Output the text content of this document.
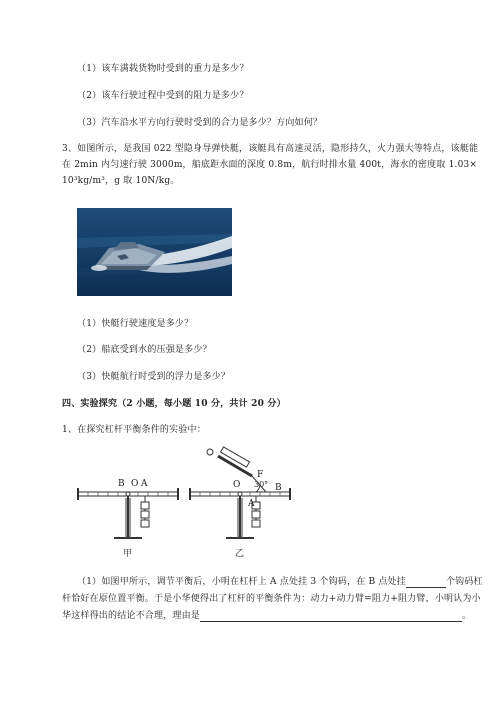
（1）该车满载货物时受到的重力是多少？
（2）该车行驶过程中受到的阻力是多少？
（3）汽车沿水平方向行驶时受到的合力是多少？方向如何？
3、如图所示，是我国 022 型隐身导弹快艇，该艇具有高速灵活，隐形持久，火力强大等特点，该艇能
在 2min 内匀速行驶 3000m，船底距水面的深度 0.8m，航行时排水量 400t，海水的密度取 1.03×
10³kg/m³，g 取 10N/kg。
（1）快艇行驶速度是多少？
（2）船底受到水的压强是多少？
（3）快艇航行时受到的浮力是多少？
四、实验探究（2 小题，每小题 10 分，共计 20 分）
1、在探究杠杆平衡条件的实验中：
B O A
甲
O 30°
F
B
A
乙
（1）如图甲所示，调节平衡后，小明在杠杆上 A 点处挂 3 个钩码，在 B 点处挂	个钩码杠
杆恰好在原位置平衡。于是小华便得出了杠杆的平衡条件为：动力+动力臂=阻力+阻力臂，小明认为小
华这样得出的结论不合理，理由是	。
